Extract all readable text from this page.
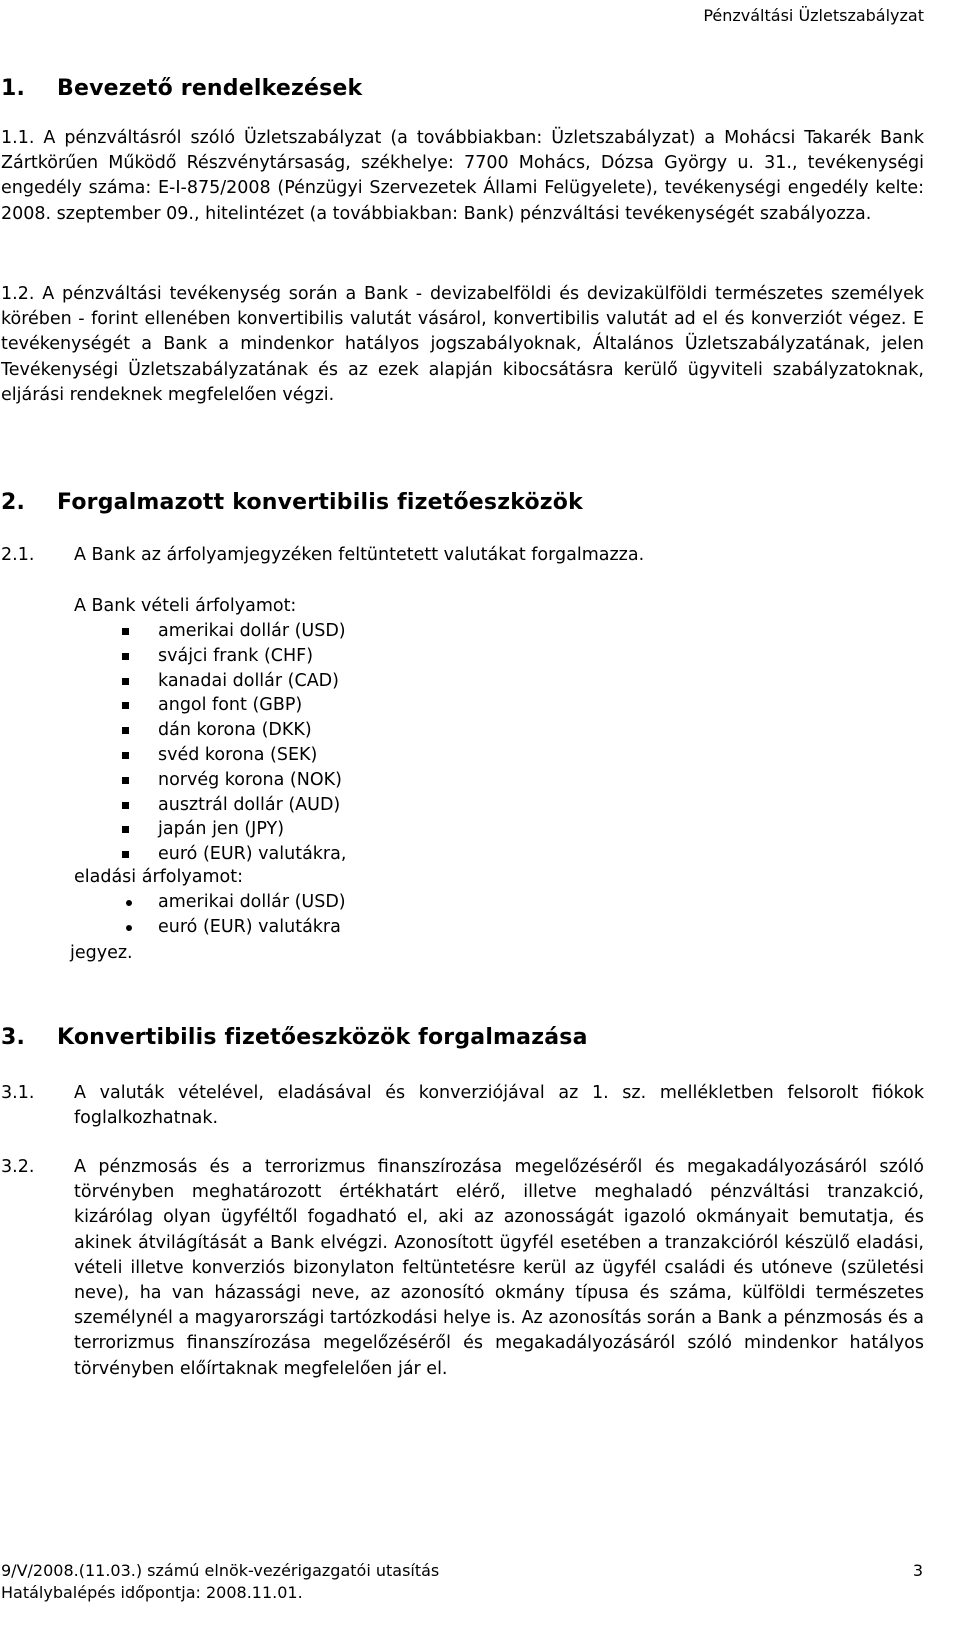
Pénzváltási Üzletszabályzat
1. Bevezető rendelkezések
1.1. A pénzváltásról szóló Üzletszabályzat (a továbbiakban: Üzletszabályzat) a Mohácsi Takarék Bank Zártkörűen Működő Részvénytársaság, székhelye: 7700 Mohács, Dózsa György u. 31., tevékenységi engedély száma: E-I-875/2008 (Pénzügyi Szervezetek Állami Felügyelete), tevékenységi engedély kelte: 2008. szeptember 09., hitelintézet (a továbbiakban: Bank) pénzváltási tevékenységét szabályozza.
1.2. A pénzváltási tevékenység során a Bank - devizabelföldi és devizakülföldi természetes személyek körében - forint ellenében konvertibilis valutát vásárol, konvertibilis valutát ad el és konverziót végez. E tevékenységét a Bank a mindenkor hatályos jogszabályoknak, Általános Üzletszabályzatának, jelen Tevékenységi Üzletszabályzatának és az ezek alapján kibocsátásra kerülő ügyviteli szabályzatoknak, eljárási rendeknek megfelelően végzi.
2. Forgalmazott konvertibilis fizetőeszközök
2.1. A Bank az árfolyamjegyzéken feltüntetett valutákat forgalmazza.
A Bank vételi árfolyamot:
amerikai dollár (USD)
svájci frank (CHF)
kanadai dollár (CAD)
angol font (GBP)
dán korona (DKK)
svéd korona (SEK)
norvég korona (NOK)
ausztrál dollár (AUD)
japán jen (JPY)
euró (EUR) valutákra,
eladási árfolyamot:
amerikai dollár (USD)
euró (EUR) valutákra
jegyez.
3. Konvertibilis fizetőeszközök forgalmazása
3.1. A valuták vételével, eladásával és konverziójával az 1. sz. mellékletben felsorolt fiókok foglalkozhatnak.
3.2. A pénzmosás és a terrorizmus finanszírozása megelőzéséről és megakadályozásáról szóló törvényben meghatározott értékhatárt elérő, illetve meghaladó pénzváltási tranzakció, kizárólag olyan ügyféltől fogadható el, aki az azonosságát igazoló okmányait bemutatja, és akinek átvilágítását a Bank elvégzi. Azonosított ügyfél esetében a tranzakcióról készülő eladási, vételi illetve konverziós bizonylaton feltüntetésre kerül az ügyfél családi és utóneve (születési neve), ha van házassági neve, az azonosító okmány típusa és száma, külföldi természetes személynél a magyarországi tartózkodási helye is. Az azonosítás során a Bank a pénzmosás és a terrorizmus finanszírozása megelőzéséről és megakadályozásáról szóló mindenkor hatályos törvényben előírtaknak megfelelően jár el.
9/V/2008.(11.03.) számú elnök-vezérigazgatói utasítás
Hatálybalépés időpontja: 2008.11.01.
3
